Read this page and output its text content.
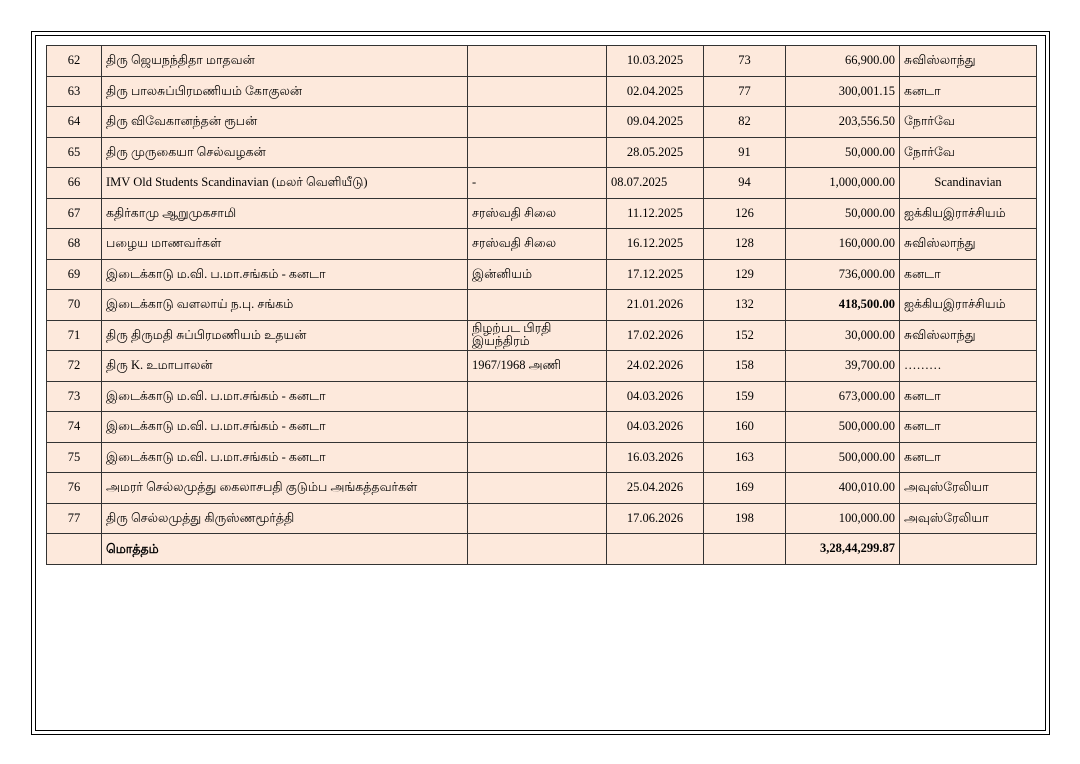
62	திரு ஜெயநந்திதா மாதவன்		10.03.2025	73	66,900.00	சுவிஸ்லாந்து
63	திரு பாலசுப்பிரமணியம் கோகுலன்		02.04.2025	77	300,001.15	கனடா
64	திரு விவேகானந்தன் ரூபன்		09.04.2025	82	203,556.50	நோர்வே
65	திரு முருகையா செல்வழகன்		28.05.2025	91	50,000.00	நோர்வே
66	IMV Old Students Scandinavian (மலர் வெளியீடு)	-	08.07.2025	94	1,000,000.00	Scandinavian
67	கதிர்காமு ஆறுமுகசாமி	சரஸ்வதி சிலை	11.12.2025	126	50,000.00	ஐக்கியஇராச்சியம்
68	பழைய மாணவர்கள்	சரஸ்வதி சிலை	16.12.2025	128	160,000.00	சுவிஸ்லாந்து
69	இடைக்காடு ம.வி. ப.மா.சங்கம் - கனடா	இன்னியம்	17.12.2025	129	736,000.00	கனடா
70	இடைக்காடு வளலாய் ந.பு. சங்கம்		21.01.2026	132	418,500.00	ஐக்கியஇராச்சியம்
71	திரு திருமதி சுப்பிரமணியம் உதயன்	நிழற்பட பிரதி இயந்திரம்	17.02.2026	152	30,000.00	சுவிஸ்லாந்து
72	திரு K. உமாபாலன்	1967/1968 அணி	24.02.2026	158	39,700.00	………
73	இடைக்காடு ம.வி. ப.மா.சங்கம் - கனடா		04.03.2026	159	673,000.00	கனடா
74	இடைக்காடு ம.வி. ப.மா.சங்கம் - கனடா		04.03.2026	160	500,000.00	கனடா
75	இடைக்காடு ம.வி. ப.மா.சங்கம் - கனடா		16.03.2026	163	500,000.00	கனடா
76	அமரர் செல்லமுத்து கைலாசபதி குடும்ப அங்கத்தவர்கள்		25.04.2026	169	400,010.00	அவுஸ்ரேலியா
77	திரு செல்லமுத்து கிருஸ்ணமூர்த்தி		17.06.2026	198	100,000.00	அவுஸ்ரேலியா
	மொத்தம்				3,28,44,299.87	
